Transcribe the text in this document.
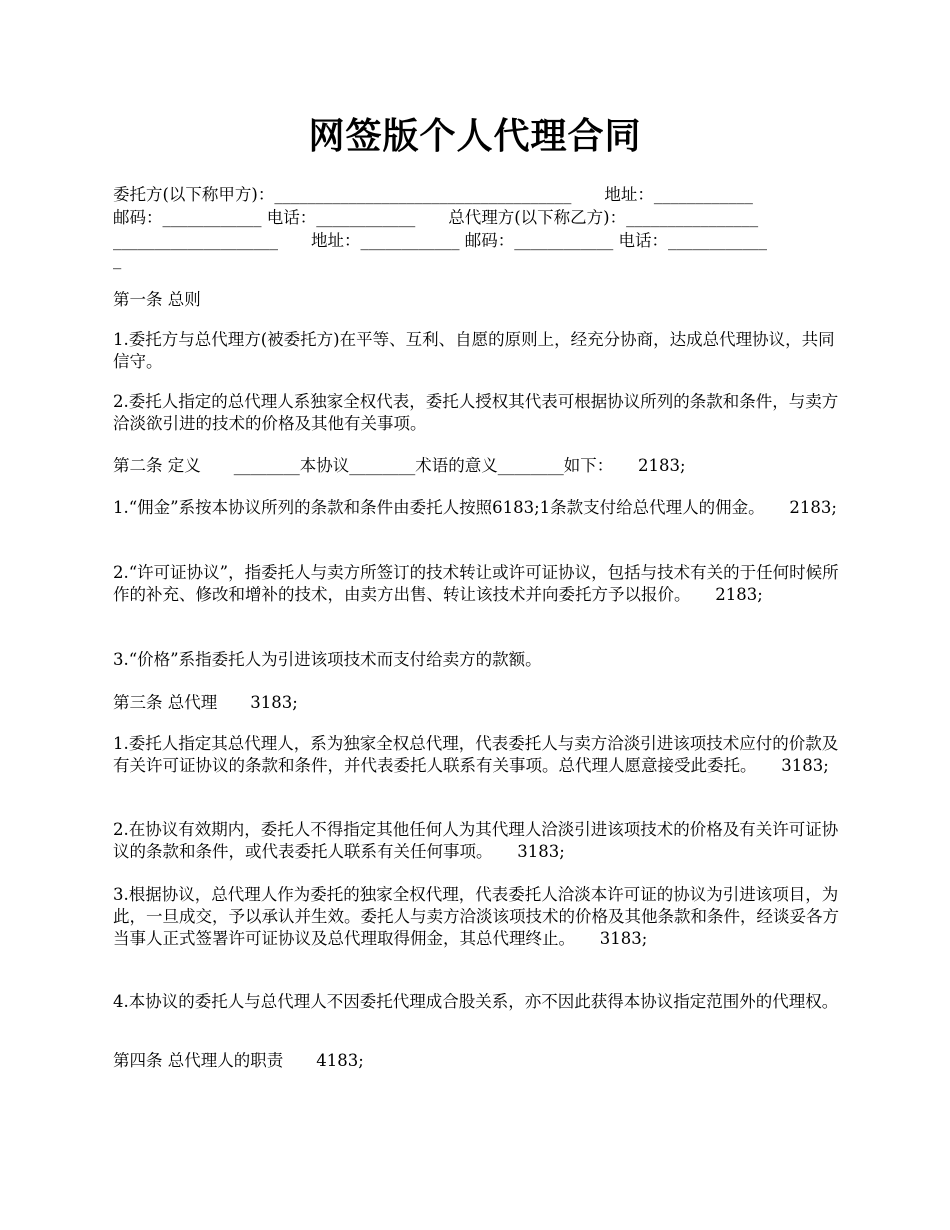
网签版个人代理合同
委托方(以下称甲方)：____________________________________　　地址：____________
邮码：____________ 电话：____________　　总代理方(以下称乙方)：________________
____________________　　地址：____________ 邮码：____________ 电话：____________
_

第一条 总则

1.委托方与总代理方(被委托方)在平等、互利、自愿的原则上，经充分协商，达成总代理协议，共同信守。

2.委托人指定的总代理人系独家全权代表，委托人授权其代表可根据协议所列的条款和条件，与卖方洽淡欲引进的技术的价格及其他有关事项。

第二条 定义　　________本协议________术语的意义________如下：　　2183;

1.“佣金”系按本协议所列的条款和条件由委托人按照6183;1条款支付给总代理人的佣金。　　2183;

2.“许可证协议”，指委托人与卖方所签订的技术转让或许可证协议，包括与技术有关的于任何时候所作的补充、修改和增补的技术，由卖方出售、转让该技术并向委托方予以报价。　　2183;

3.“价格”系指委托人为引进该项技术而支付给卖方的款额。

第三条 总代理　　3183;

1.委托人指定其总代理人，系为独家全权总代理，代表委托人与卖方洽淡引进该项技术应付的价款及有关许可证协议的条款和条件，并代表委托人联系有关事项。总代理人愿意接受此委托。　　3183;

2.在协议有效期内，委托人不得指定其他任何人为其代理人洽淡引进该项技术的价格及有关许可证协议的条款和条件，或代表委托人联系有关任何事项。　　3183;

3.根据协议，总代理人作为委托的独家全权代理，代表委托人洽淡本许可证的协议为引进该项目，为此，一旦成交，予以承认并生效。委托人与卖方洽淡该项技术的价格及其他条款和条件，经谈妥各方当事人正式签署许可证协议及总代理取得佣金，其总代理终止。　　3183;

4.本协议的委托人与总代理人不因委托代理成合股关系，亦不因此获得本协议指定范围外的代理权。

第四条 总代理人的职责　　4183;
